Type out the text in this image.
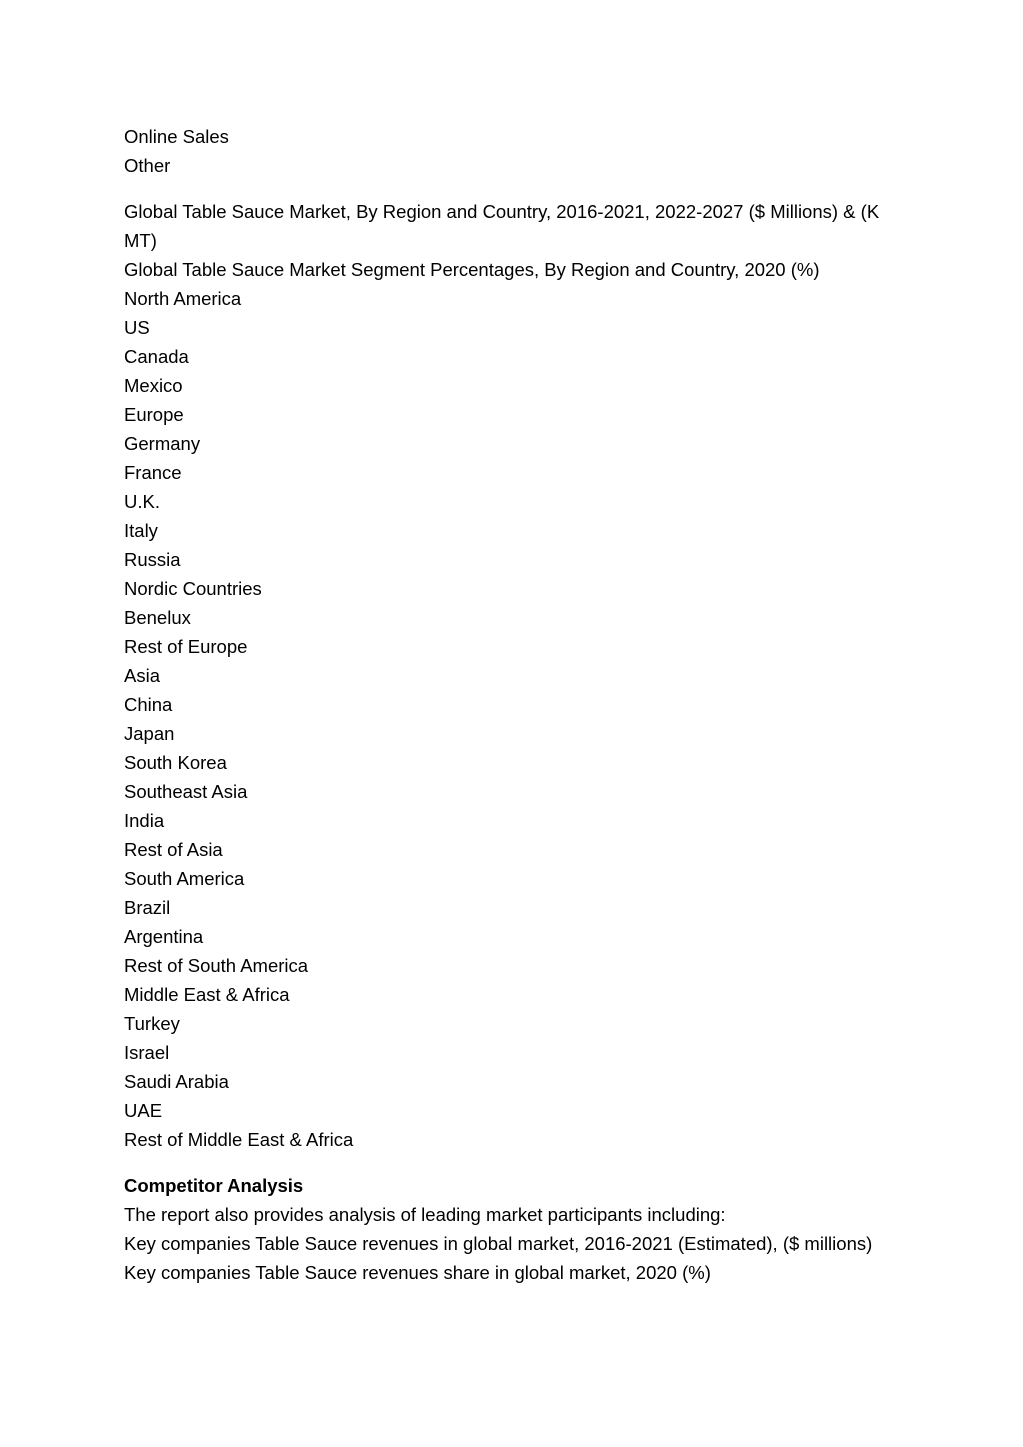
Online Sales
Other
Global Table Sauce Market, By Region and Country, 2016-2021, 2022-2027 ($ Millions) & (K
MT)
Global Table Sauce Market Segment Percentages, By Region and Country, 2020 (%)
North America
US
Canada
Mexico
Europe
Germany
France
U.K.
Italy
Russia
Nordic Countries
Benelux
Rest of Europe
Asia
China
Japan
South Korea
Southeast Asia
India
Rest of Asia
South America
Brazil
Argentina
Rest of South America
Middle East & Africa
Turkey
Israel
Saudi Arabia
UAE
Rest of Middle East & Africa
Competitor Analysis
The report also provides analysis of leading market participants including:
Key companies Table Sauce revenues in global market, 2016-2021 (Estimated), ($ millions)
Key companies Table Sauce revenues share in global market, 2020 (%)
